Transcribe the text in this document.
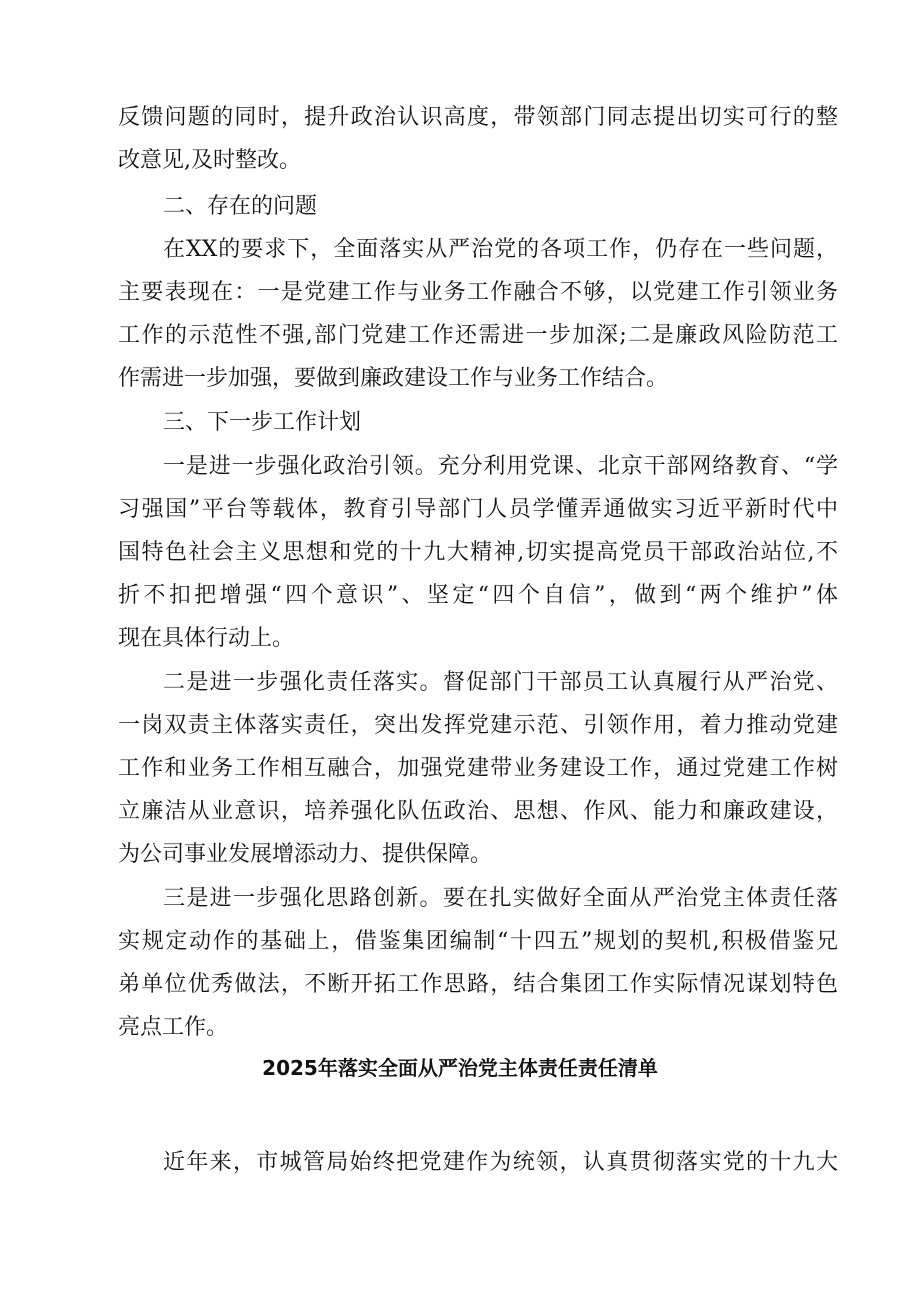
反馈问题的同时，提升政治认识高度，带领部门同志提出切实可行的整
改意见,及时整改。
二、存在的问题
在XX的要求下，全面落实从严治党的各项工作，仍存在一些问题，
主要表现在：一是党建工作与业务工作融合不够，以党建工作引领业务
工作的示范性不强,部门党建工作还需进一步加深;二是廉政风险防范工
作需进一步加强，要做到廉政建设工作与业务工作结合。
三、下一步工作计划
一是进一步强化政治引领。充分利用党课、北京干部网络教育、“学
习强国”平台等载体，教育引导部门人员学懂弄通做实习近平新时代中
国特色社会主义思想和党的十九大精神,切实提高党员干部政治站位,不
折不扣把增强“四个意识”、坚定“四个自信”，做到“两个维护”体
现在具体行动上。
二是进一步强化责任落实。督促部门干部员工认真履行从严治党、
一岗双责主体落实责任，突出发挥党建示范、引领作用，着力推动党建
工作和业务工作相互融合，加强党建带业务建设工作，通过党建工作树
立廉洁从业意识，培养强化队伍政治、思想、作风、能力和廉政建设，
为公司事业发展增添动力、提供保障。
三是进一步强化思路创新。要在扎实做好全面从严治党主体责任落
实规定动作的基础上，借鉴集团编制“十四五”规划的契机,积极借鉴兄
弟单位优秀做法，不断开拓工作思路，结合集团工作实际情况谋划特色
亮点工作。
2025年落实全面从严治党主体责任责任清单
近年来，市城管局始终把党建作为统领，认真贯彻落实党的十九大
